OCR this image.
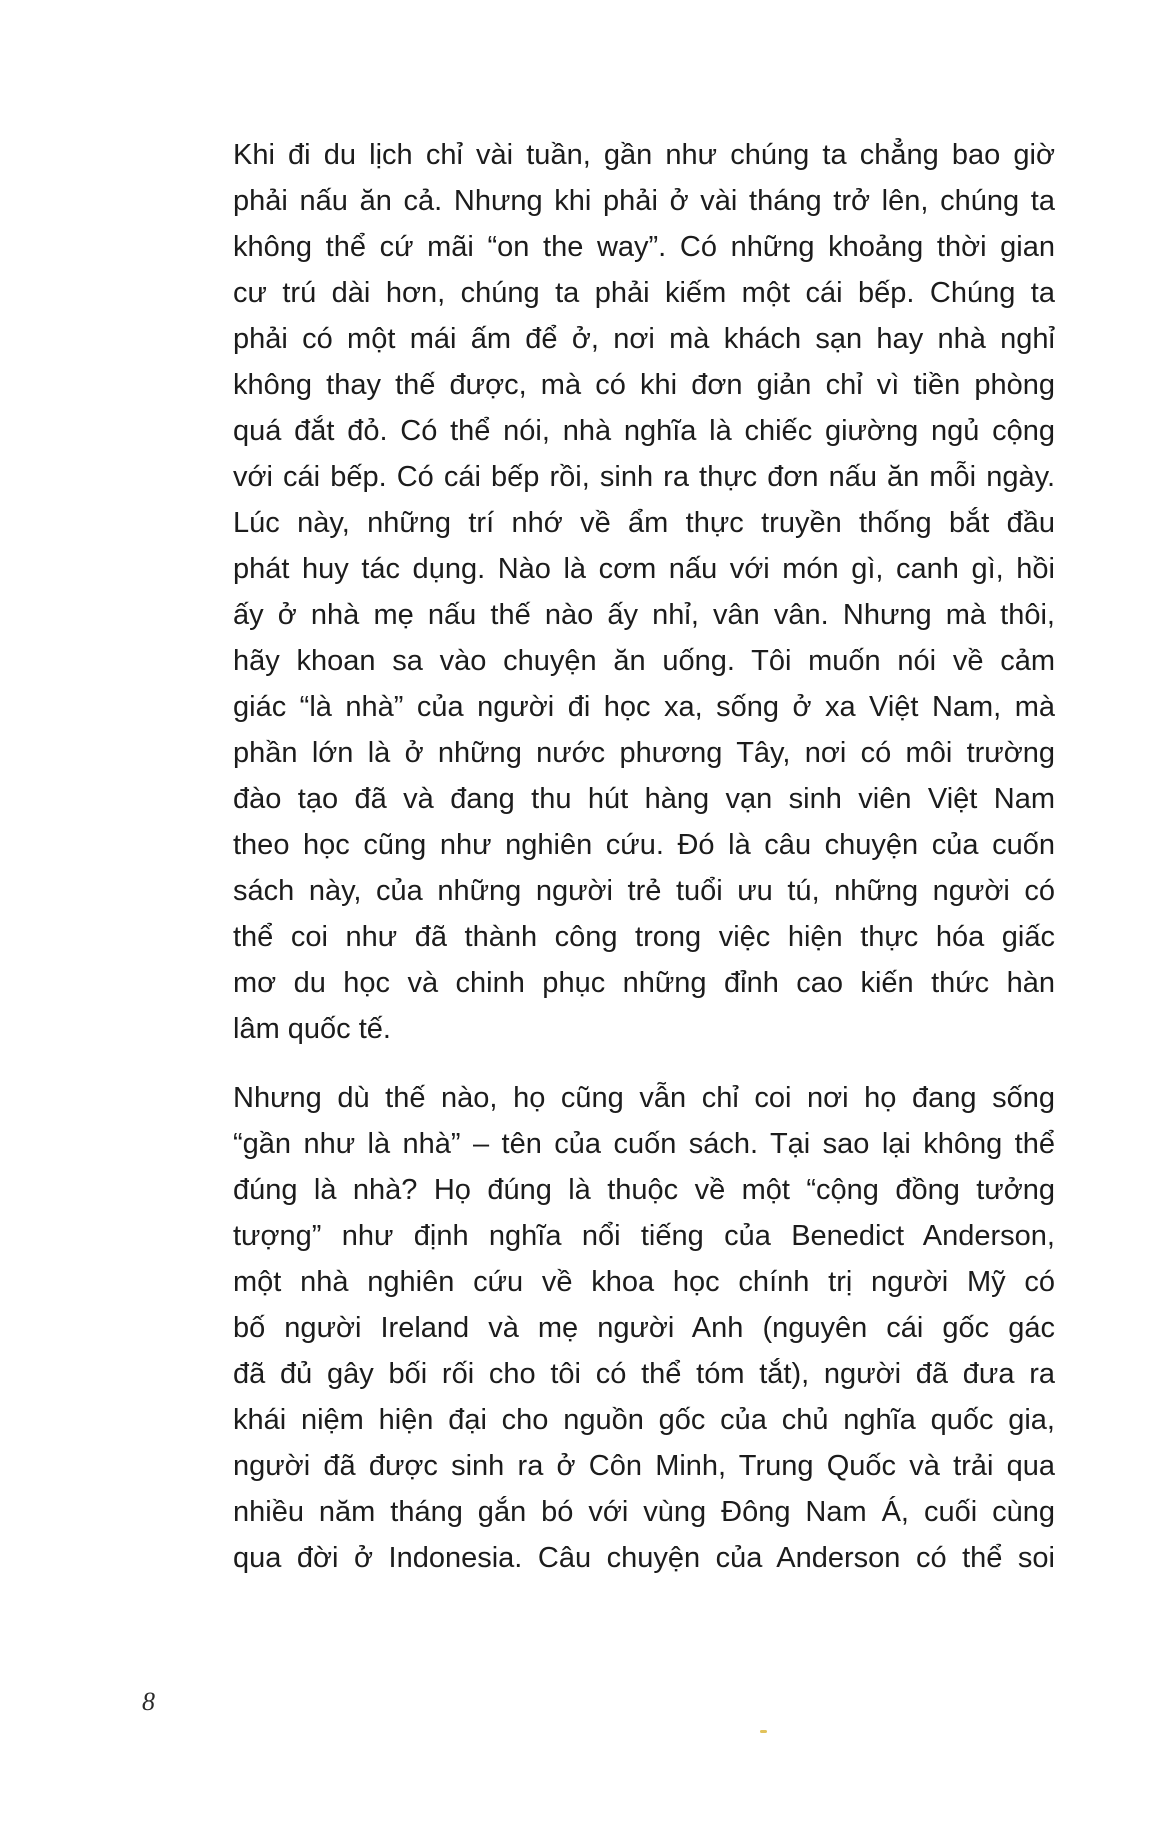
Khi đi du lịch chỉ vài tuần, gần như chúng ta chẳng bao giờ
phải nấu ăn cả. Nhưng khi phải ở vài tháng trở lên, chúng ta
không thể cứ mãi “on the way”. Có những khoảng thời gian
cư trú dài hơn, chúng ta phải kiếm một cái bếp. Chúng ta
phải có một mái ấm để ở, nơi mà khách sạn hay nhà nghỉ
không thay thế được, mà có khi đơn giản chỉ vì tiền phòng
quá đắt đỏ. Có thể nói, nhà nghĩa là chiếc giường ngủ cộng
với cái bếp. Có cái bếp rồi, sinh ra thực đơn nấu ăn mỗi ngày.
Lúc này, những trí nhớ về ẩm thực truyền thống bắt đầu
phát huy tác dụng. Nào là cơm nấu với món gì, canh gì, hồi
ấy ở nhà mẹ nấu thế nào ấy nhỉ, vân vân. Nhưng mà thôi,
hãy khoan sa vào chuyện ăn uống. Tôi muốn nói về cảm
giác “là nhà” của người đi học xa, sống ở xa Việt Nam, mà
phần lớn là ở những nước phương Tây, nơi có môi trường
đào tạo đã và đang thu hút hàng vạn sinh viên Việt Nam
theo học cũng như nghiên cứu. Đó là câu chuyện của cuốn
sách này, của những người trẻ tuổi ưu tú, những người có
thể coi như đã thành công trong việc hiện thực hóa giấc
mơ du học và chinh phục những đỉnh cao kiến thức hàn
lâm quốc tế.
Nhưng dù thế nào, họ cũng vẫn chỉ coi nơi họ đang sống
“gần như là nhà” – tên của cuốn sách. Tại sao lại không thể
đúng là nhà? Họ đúng là thuộc về một “cộng đồng tưởng
tượng” như định nghĩa nổi tiếng của Benedict Anderson,
một nhà nghiên cứu về khoa học chính trị người Mỹ có
bố người Ireland và mẹ người Anh (nguyên cái gốc gác
đã đủ gây bối rối cho tôi có thể tóm tắt), người đã đưa ra
khái niệm hiện đại cho nguồn gốc của chủ nghĩa quốc gia,
người đã được sinh ra ở Côn Minh, Trung Quốc và trải qua
nhiều năm tháng gắn bó với vùng Đông Nam Á, cuối cùng
qua đời ở Indonesia. Câu chuyện của Anderson có thể soi
8
